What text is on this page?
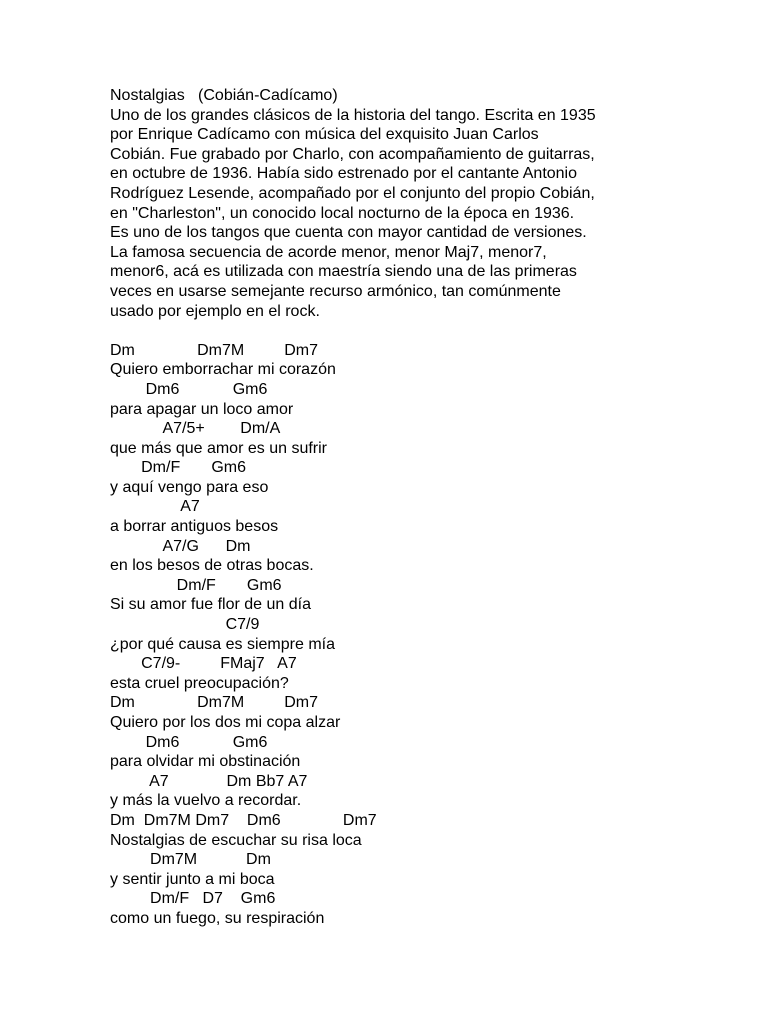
Nostalgias   (Cobián-Cadícamo)

Uno de los grandes clásicos de la historia del tango. Escrita en 1935

por Enrique Cadícamo con música del exquisito Juan Carlos

Cobián. Fue grabado por Charlo, con acompañamiento de guitarras,

en octubre de 1936. Había sido estrenado por el cantante Antonio

Rodríguez Lesende, acompañado por el conjunto del propio Cobián,

en "Charleston", un conocido local nocturno de la época en 1936.

Es uno de los tangos que cuenta con mayor cantidad de versiones.

La famosa secuencia de acorde menor, menor Maj7, menor7,

menor6, acá es utilizada con maestría siendo una de las primeras

veces en usarse semejante recurso armónico, tan comúnmente

usado por ejemplo en el rock.

Dm              Dm7M         Dm7

Quiero emborrachar mi corazón

Dm6            Gm6

para apagar un loco amor

A7/5+        Dm/A

que más que amor es un sufrir

Dm/F       Gm6

y aquí vengo para eso

A7

a borrar antiguos besos

A7/G      Dm

en los besos de otras bocas.

Dm/F       Gm6

Si su amor fue flor de un día

C7/9

¿por qué causa es siempre mía

C7/9-         FMaj7   A7

esta cruel preocupación?

Dm              Dm7M         Dm7

Quiero por los dos mi copa alzar

Dm6            Gm6

para olvidar mi obstinación

A7             Dm Bb7 A7

y más la vuelvo a recordar.

Dm  Dm7M Dm7    Dm6              Dm7

Nostalgias de escuchar su risa loca

Dm7M           Dm

y sentir junto a mi boca

Dm/F   D7    Gm6

como un fuego, su respiración
